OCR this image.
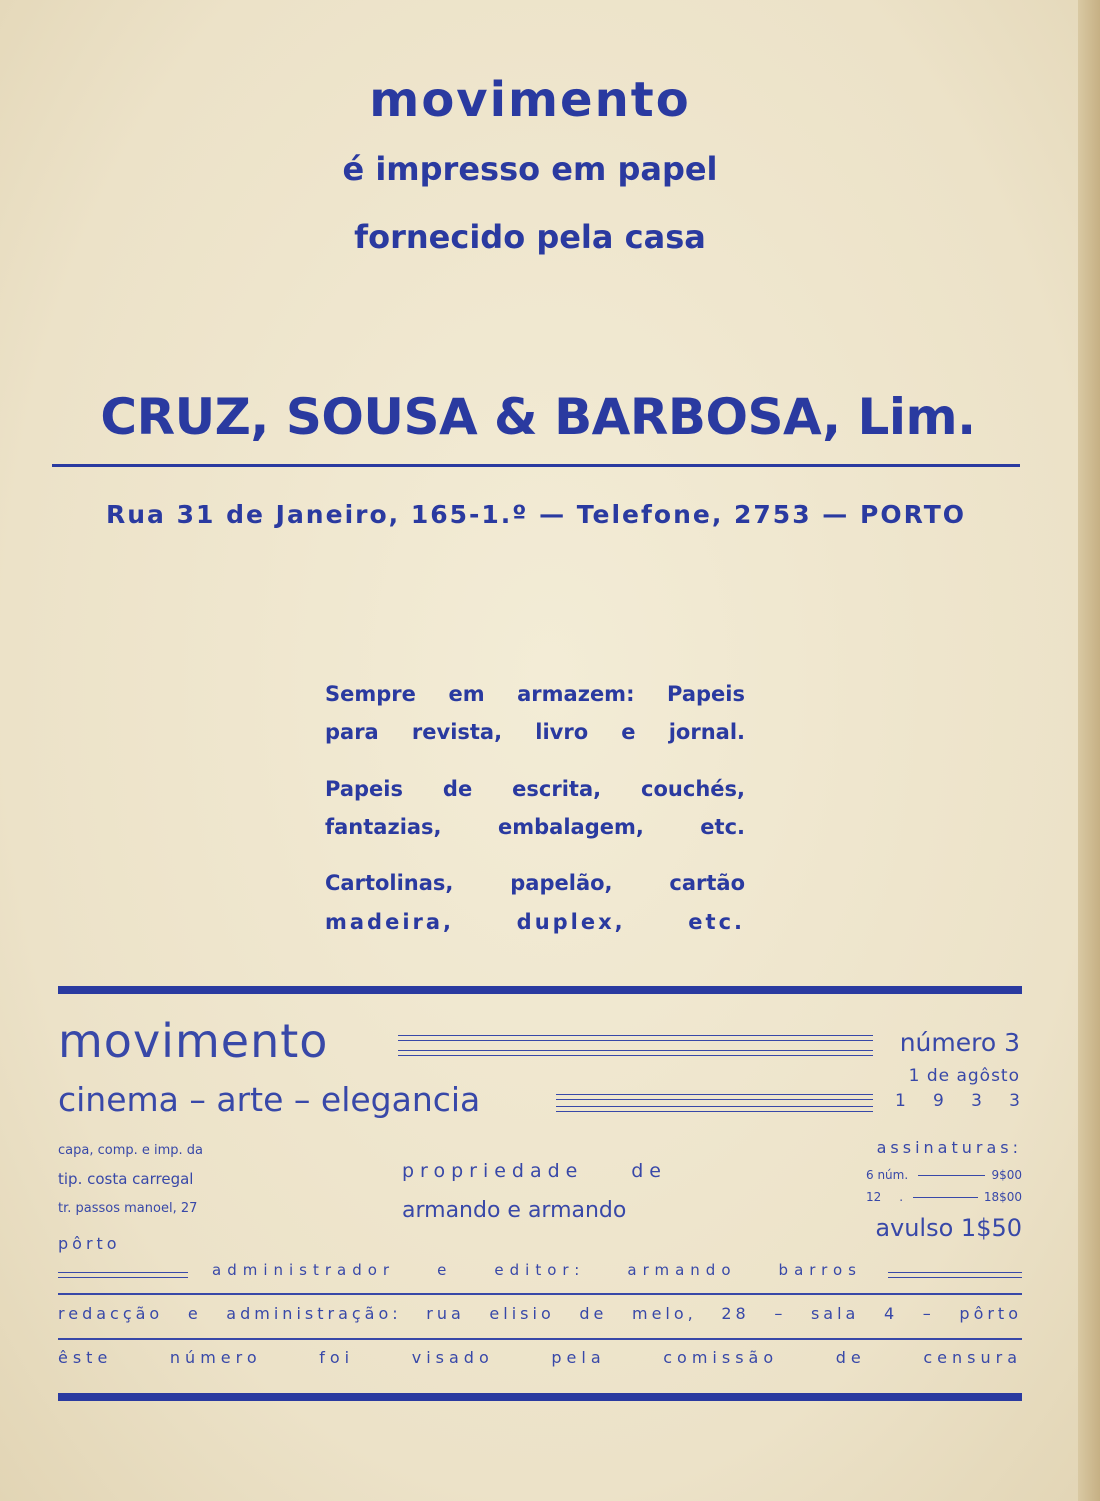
movimento
é impresso em papel
fornecido pela casa
CRUZ, SOUSA & BARBOSA, Lim.
Rua 31 de Janeiro, 165-1.º — Telefone, 2753 — PORTO
Sempre em armazem: Papeis
para revista, livro e jornal.
Papeis de escrita, couchés,
fantazias, embalagem, etc.
Cartolinas, papelão, cartão
madeira, duplex, etc.
movimento	número 3
cinema – arte – elegancia
1 de agôsto
1 9 3 3
capa, comp. e imp. da
tip. costa carregal
tr. passos manoel, 27
pôrto
propriedade de
armando e armando
assinaturas:
6 núm.	9$00
12 .	18$00
avulso 1$50
administrador e editor: armando barros
redacção e administração: rua elisio de melo, 28 – sala 4 – pôrto
êste número foi visado pela comissão de censura
